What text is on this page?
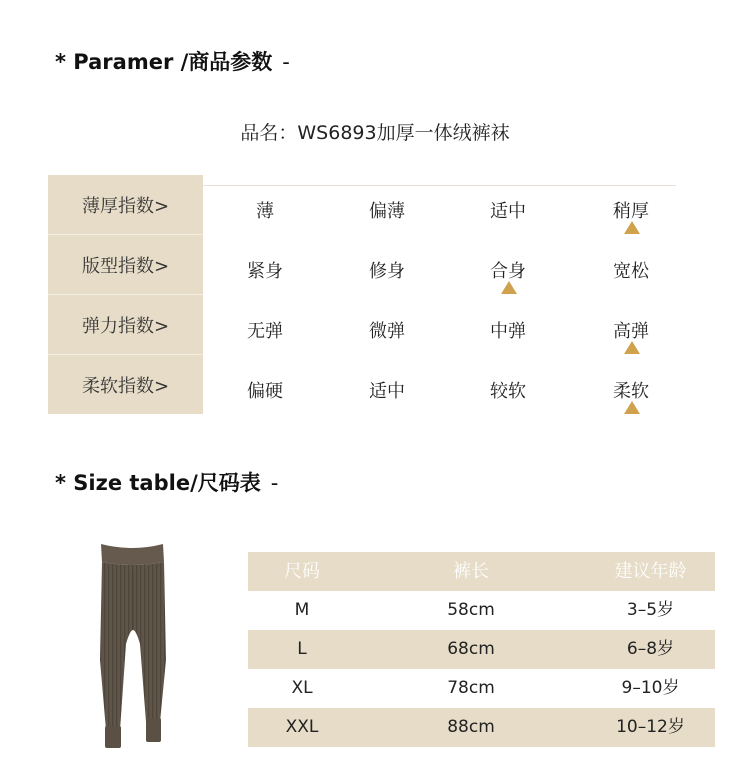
* Paramer /商品参数 -
品名：WS6893加厚一体绒裤袜
薄厚指数>	薄	偏薄	适中	稍厚
版型指数>	紧身	修身	合身	宽松
弹力指数>	无弹	微弹	中弹	高弹
柔软指数>	偏硬	适中	较软	柔软
* Size table/尺码表 -
尺码	裤长	建议年龄
M	58cm	3–5岁
L	68cm	6–8岁
XL	78cm	9–10岁
XXL	88cm	10–12岁
